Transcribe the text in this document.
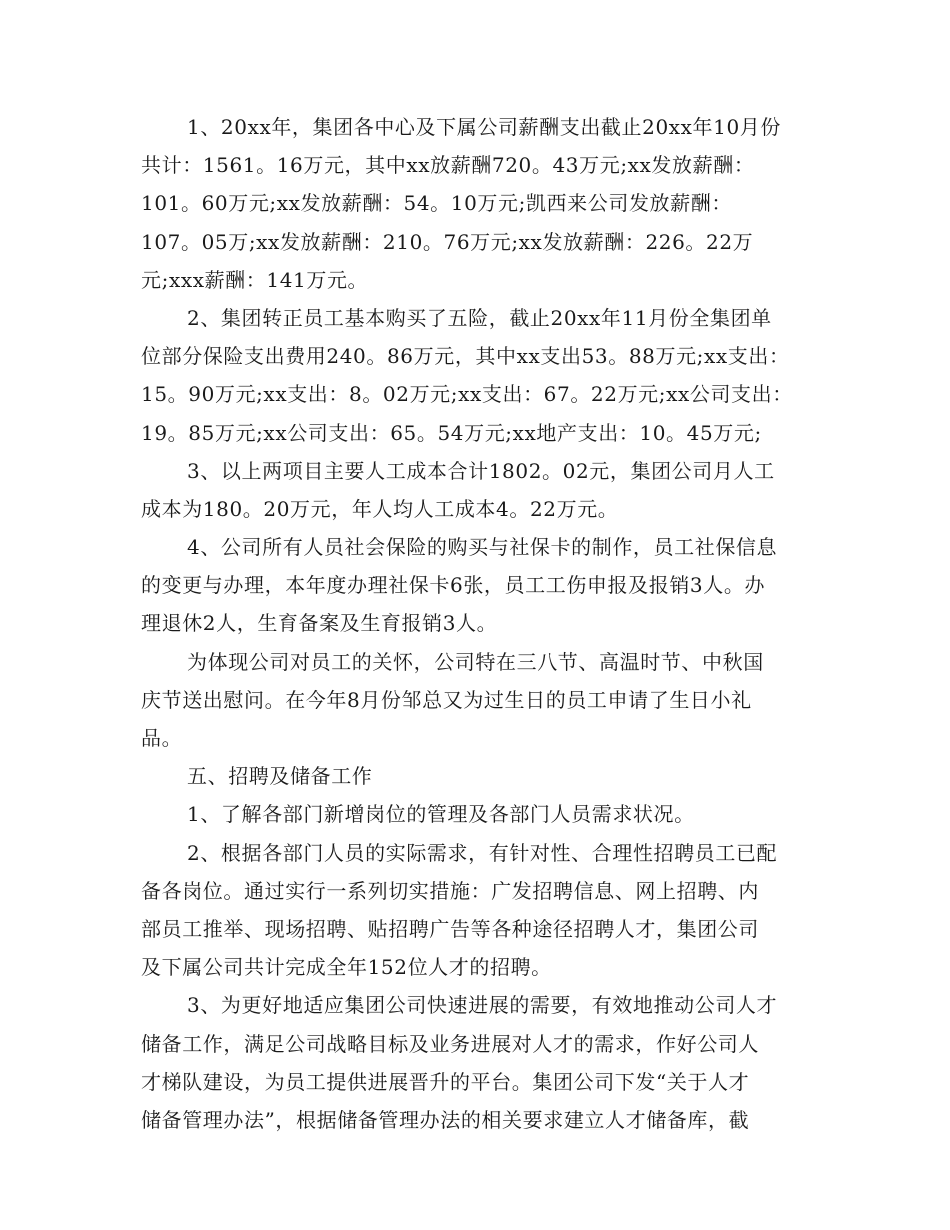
1、20xx年，集团各中心及下属公司薪酬支出截止20xx年10月份
共计：1561。16万元，其中xx放薪酬720。43万元;xx发放薪酬：
101。60万元;xx发放薪酬：54。10万元;凯西来公司发放薪酬：
107。05万;xx发放薪酬：210。76万元;xx发放薪酬：226。22万
元;xxx薪酬：141万元。
2、集团转正员工基本购买了五险，截止20xx年11月份全集团单
位部分保险支出费用240。86万元，其中xx支出53。88万元;xx支出：
15。90万元;xx支出：8。02万元;xx支出：67。22万元;xx公司支出：
19。85万元;xx公司支出：65。54万元;xx地产支出：10。45万元;
3、以上两项目主要人工成本合计1802。02元，集团公司月人工
成本为180。20万元，年人均人工成本4。22万元。
4、公司所有人员社会保险的购买与社保卡的制作，员工社保信息
的变更与办理，本年度办理社保卡6张，员工工伤申报及报销3人。办
理退休2人，生育备案及生育报销3人。
为体现公司对员工的关怀，公司特在三八节、高温时节、中秋国
庆节送出慰问。在今年8月份邹总又为过生日的员工申请了生日小礼
品。
五、招聘及储备工作
1、了解各部门新增岗位的管理及各部门人员需求状况。
2、根据各部门人员的实际需求，有针对性、合理性招聘员工已配
备各岗位。通过实行一系列切实措施：广发招聘信息、网上招聘、内
部员工推举、现场招聘、贴招聘广告等各种途径招聘人才，集团公司
及下属公司共计完成全年152位人才的招聘。
3、为更好地适应集团公司快速进展的需要，有效地推动公司人才
储备工作，满足公司战略目标及业务进展对人才的需求，作好公司人
才梯队建设，为员工提供进展晋升的平台。集团公司下发“关于人才
储备管理办法”，根据储备管理办法的相关要求建立人才储备库，截
